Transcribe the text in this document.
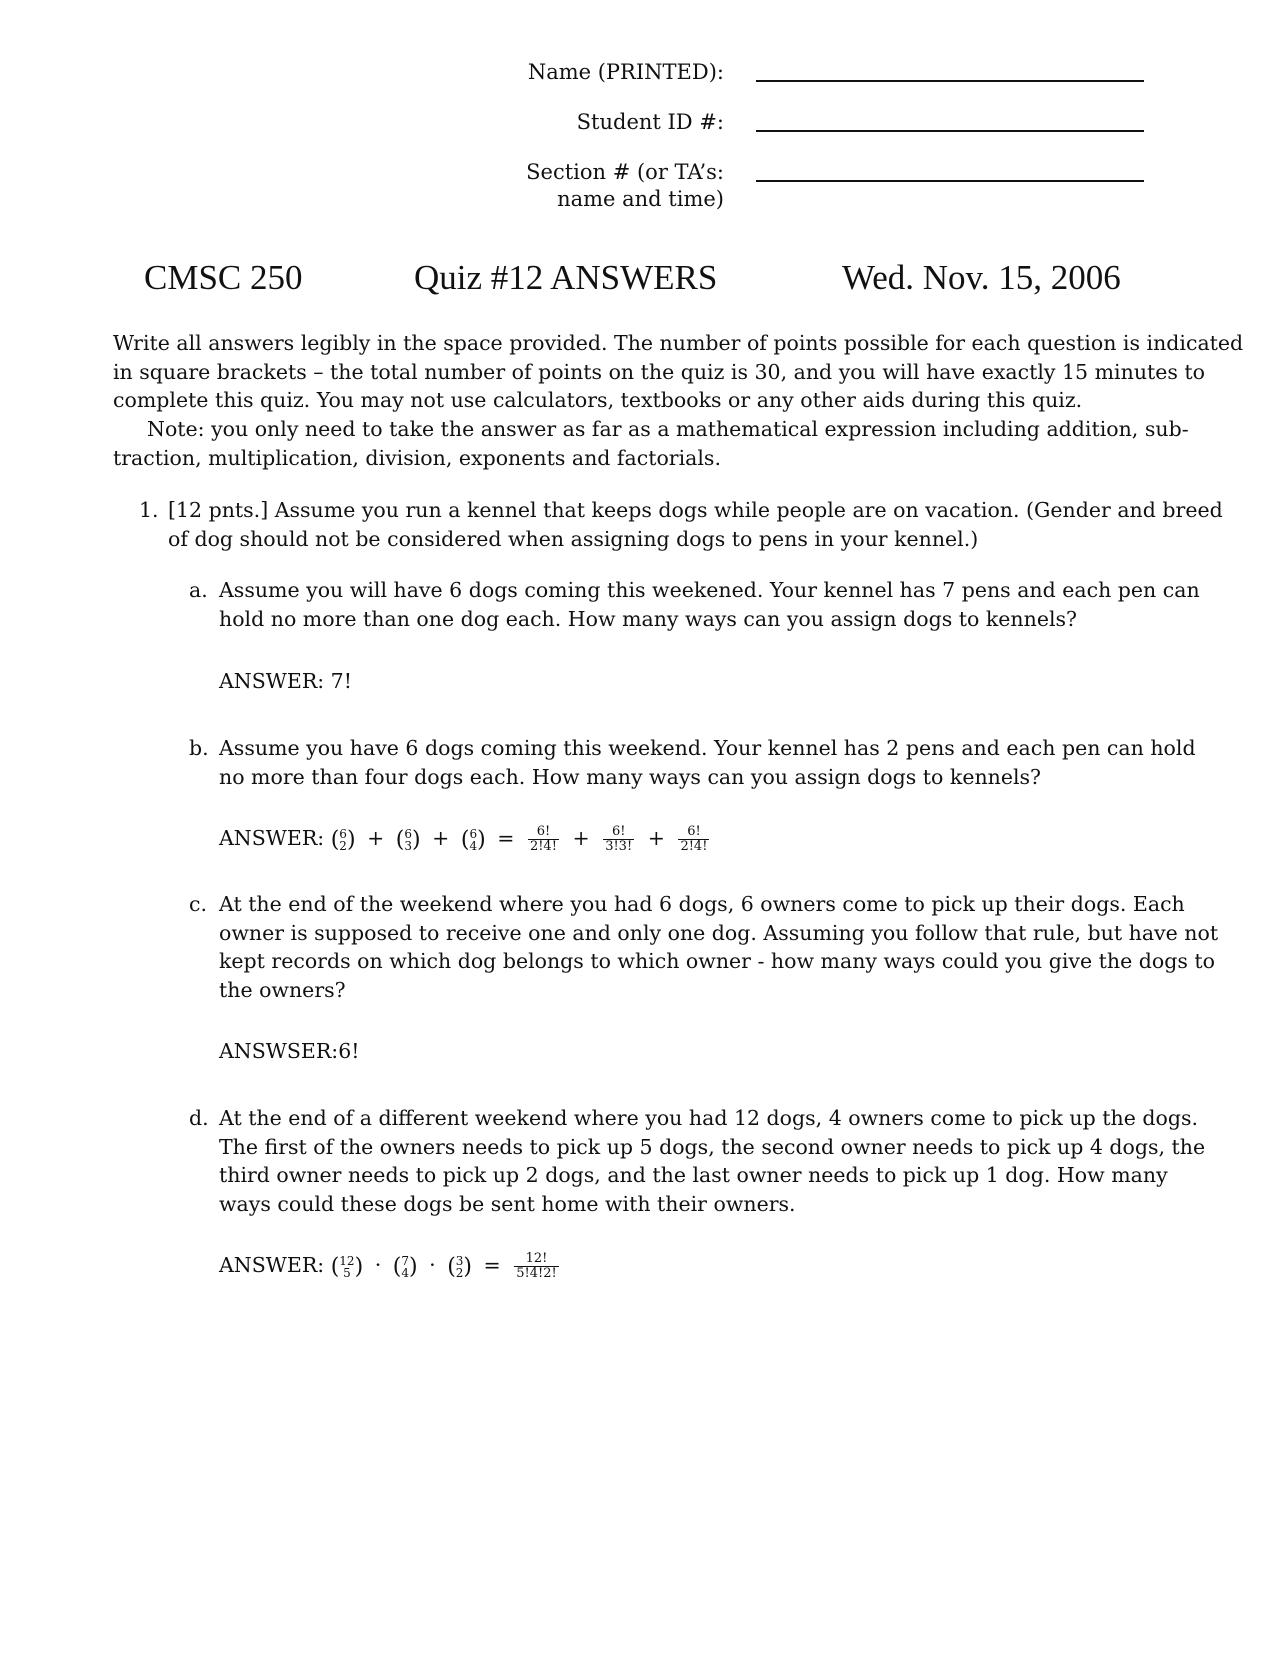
Name (PRINTED):
Student ID #:
Section # (or TA’s:
name and time)
CMSC 250	Quiz #12 ANSWERS	Wed. Nov. 15, 2006
Write all answers legibly in the space provided. The number of points possible for each question is indicated
in square brackets – the total number of points on the quiz is 30, and you will have exactly 15 minutes to
complete this quiz. You may not use calculators, textbooks or any other aids during this quiz.
Note: you only need to take the answer as far as a mathematical expression including addition, sub-
traction, multiplication, division, exponents and factorials.
1. [12 pnts.] Assume you run a kennel that keeps dogs while people are on vacation. (Gender and breed
of dog should not be considered when assigning dogs to pens in your kennel.)
a. Assume you will have 6 dogs coming this weekened. Your kennel has 7 pens and each pen can
hold no more than one dog each. How many ways can you assign dogs to kennels?
ANSWER: 7!
b. Assume you have 6 dogs coming this weekend. Your kennel has 2 pens and each pen can hold
no more than four dogs each. How many ways can you assign dogs to kennels?
ANSWER: (6
2) + (6
3) + (6
$4) = \frac{6!}{2!4!} + \frac{6!}{3!3!} + \frac{6!}{2!4!}$
c. At the end of the weekend where you had 6 dogs, 6 owners come to pick up their dogs. Each
owner is supposed to receive one and only one dog. Assuming you follow that rule, but have not
kept records on which dog belongs to which owner - how many ways could you give the dogs to
the owners?
ANSWSER:6!
d. At the end of a different weekend where you had 12 dogs, 4 owners come to pick up the dogs.
The first of the owners needs to pick up 5 dogs, the second owner needs to pick up 4 dogs, the
third owner needs to pick up 2 dogs, and the last owner needs to pick up 1 dog. How many
ways could these dogs be sent home with their owners.
ANSWER: (12
5 ) · (7
4) · (3
$2) = \frac{12!}{5!4!2!}$
